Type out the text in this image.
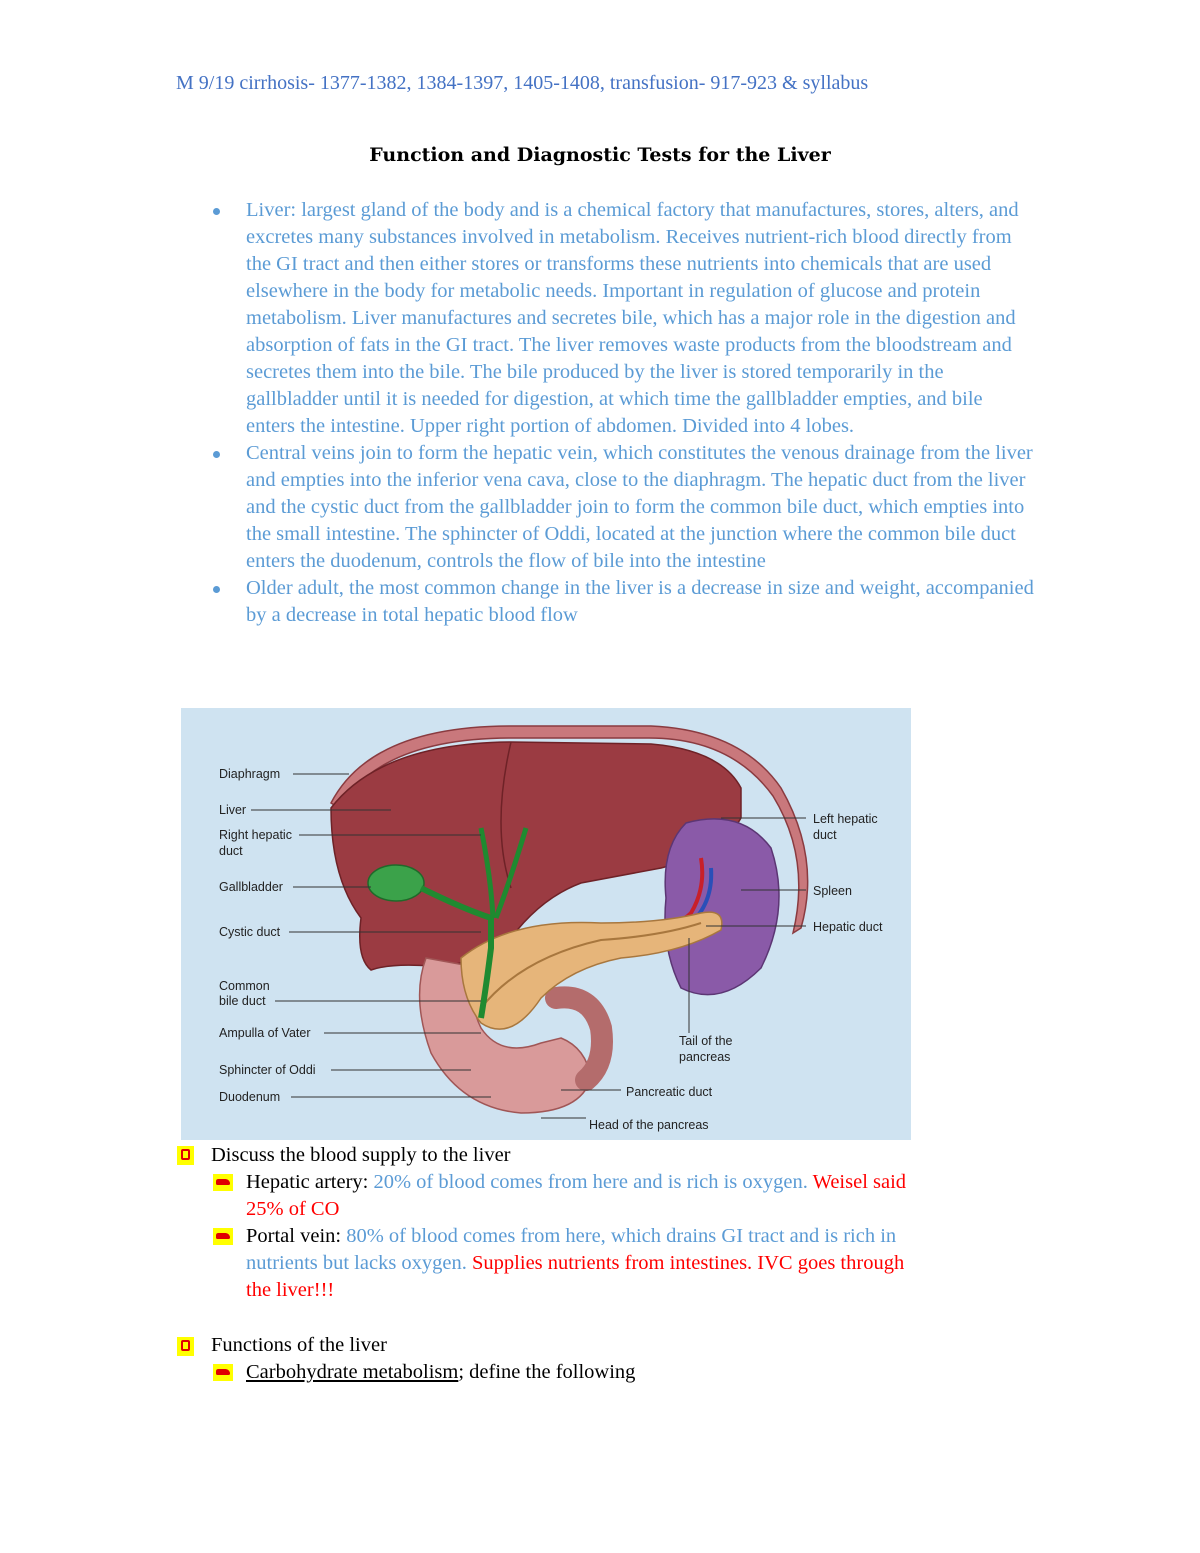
M 9/19 cirrhosis- 1377-1382, 1384-1397, 1405-1408, transfusion- 917-923 & syllabus
Function and Diagnostic Tests for the Liver
Liver: largest gland of the body and is a chemical factory that manufactures, stores, alters, and excretes many substances involved in metabolism. Receives nutrient-rich blood directly from the GI tract and then either stores or transforms these nutrients into chemicals that are used elsewhere in the body for metabolic needs. Important in regulation of glucose and protein metabolism. Liver manufactures and secretes bile, which has a major role in the digestion and absorption of fats in the GI tract. The liver removes waste products from the bloodstream and secretes them into the bile. The bile produced by the liver is stored temporarily in the gallbladder until it is needed for digestion, at which time the gallbladder empties, and bile enters the intestine. Upper right portion of abdomen. Divided into 4 lobes.
Central veins join to form the hepatic vein, which constitutes the venous drainage from the liver and empties into the inferior vena cava, close to the diaphragm. The hepatic duct from the liver and the cystic duct from the gallbladder join to form the common bile duct, which empties into the small intestine. The sphincter of Oddi, located at the junction where the common bile duct enters the duodenum, controls the flow of bile into the intestine
Older adult, the most common change in the liver is a decrease in size and weight, accompanied by a decrease in total hepatic blood flow
Diaphragm
Liver
Right hepatic
duct
Gallbladder
Cystic duct
Common
bile duct
Ampulla of Vater
Sphincter of Oddi
Duodenum
Left hepatic
duct
Spleen
Hepatic duct
Tail of the
pancreas
Pancreatic duct
Head of the pancreas
Discuss the blood supply to the liver
Hepatic artery: 20% of blood comes from here and is rich is oxygen. Weisel said
25% of CO
Portal vein: 80% of blood comes from here, which drains GI tract and is rich in
nutrients but lacks oxygen. Supplies nutrients from intestines. IVC goes through
the liver!!!
Functions of the liver
Carbohydrate metabolism; define the following
